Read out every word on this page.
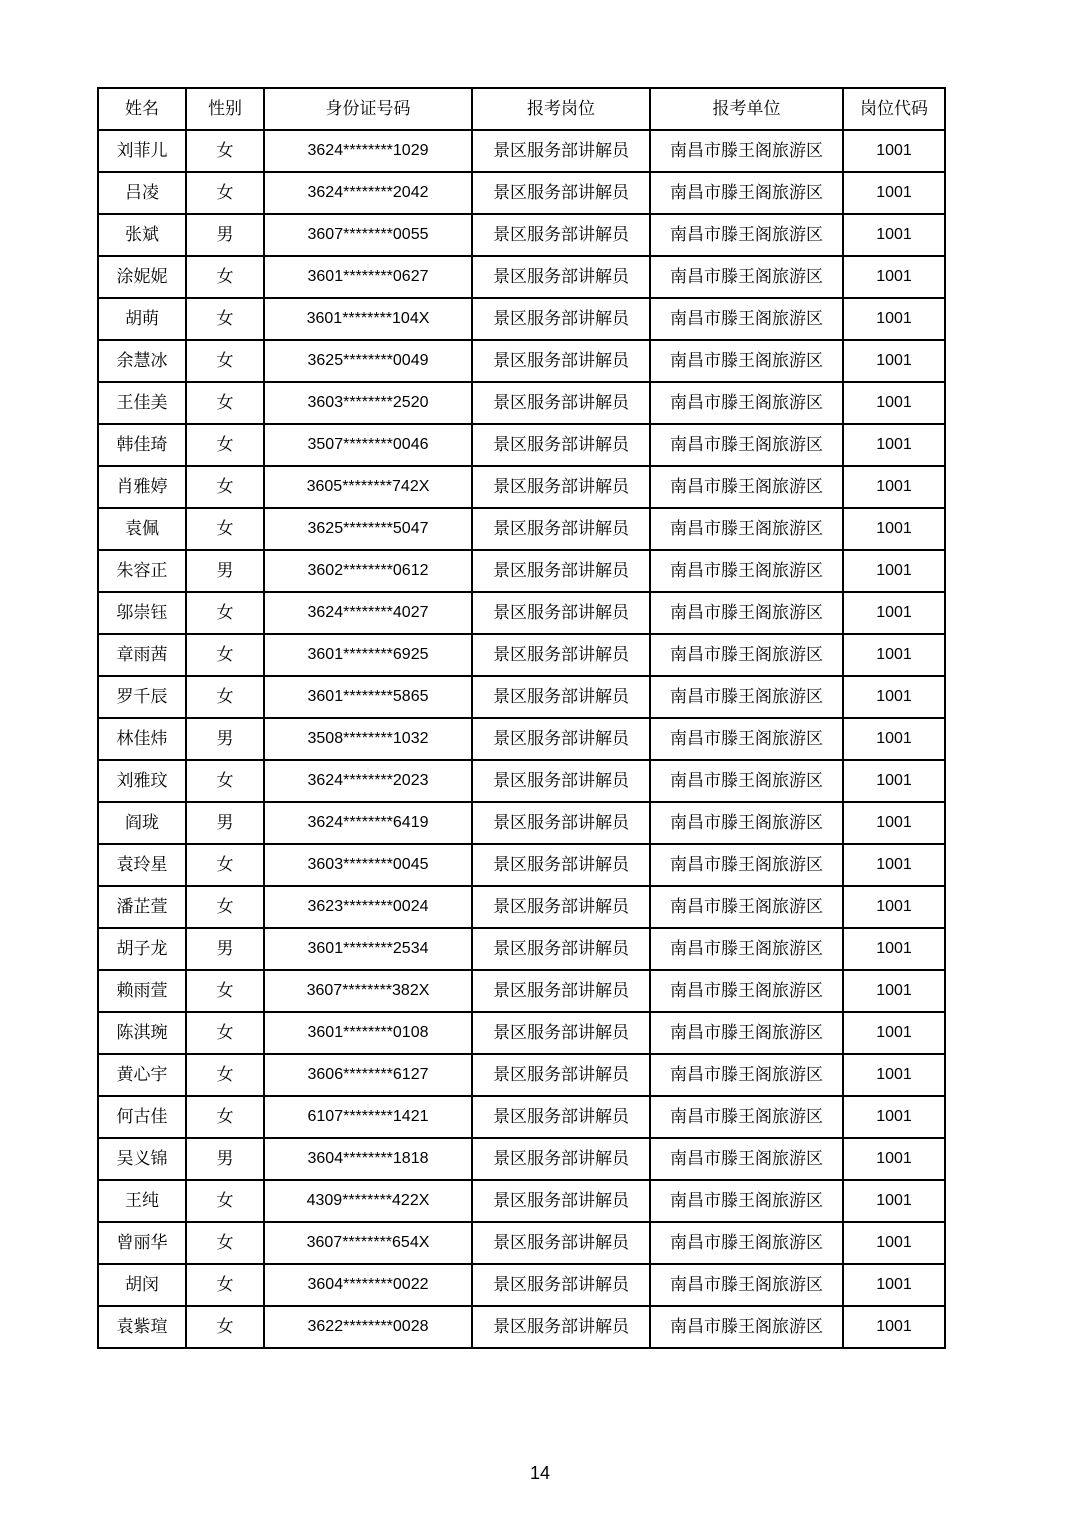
姓名	性别	身份证号码	报考岗位	报考单位	岗位代码
刘菲儿	女	3624********1029	景区服务部讲解员	南昌市滕王阁旅游区	1001
吕凌	女	3624********2042	景区服务部讲解员	南昌市滕王阁旅游区	1001
张斌	男	3607********0055	景区服务部讲解员	南昌市滕王阁旅游区	1001
涂妮妮	女	3601********0627	景区服务部讲解员	南昌市滕王阁旅游区	1001
胡萌	女	3601********104X	景区服务部讲解员	南昌市滕王阁旅游区	1001
余慧冰	女	3625********0049	景区服务部讲解员	南昌市滕王阁旅游区	1001
王佳美	女	3603********2520	景区服务部讲解员	南昌市滕王阁旅游区	1001
韩佳琦	女	3507********0046	景区服务部讲解员	南昌市滕王阁旅游区	1001
肖雅婷	女	3605********742X	景区服务部讲解员	南昌市滕王阁旅游区	1001
袁佩	女	3625********5047	景区服务部讲解员	南昌市滕王阁旅游区	1001
朱容正	男	3602********0612	景区服务部讲解员	南昌市滕王阁旅游区	1001
邬崇钰	女	3624********4027	景区服务部讲解员	南昌市滕王阁旅游区	1001
章雨茜	女	3601********6925	景区服务部讲解员	南昌市滕王阁旅游区	1001
罗千辰	女	3601********5865	景区服务部讲解员	南昌市滕王阁旅游区	1001
林佳炜	男	3508********1032	景区服务部讲解员	南昌市滕王阁旅游区	1001
刘雅玟	女	3624********2023	景区服务部讲解员	南昌市滕王阁旅游区	1001
阎珑	男	3624********6419	景区服务部讲解员	南昌市滕王阁旅游区	1001
袁玲星	女	3603********0045	景区服务部讲解员	南昌市滕王阁旅游区	1001
潘芷萱	女	3623********0024	景区服务部讲解员	南昌市滕王阁旅游区	1001
胡子龙	男	3601********2534	景区服务部讲解员	南昌市滕王阁旅游区	1001
赖雨萱	女	3607********382X	景区服务部讲解员	南昌市滕王阁旅游区	1001
陈淇琬	女	3601********0108	景区服务部讲解员	南昌市滕王阁旅游区	1001
黄心宇	女	3606********6127	景区服务部讲解员	南昌市滕王阁旅游区	1001
何古佳	女	6107********1421	景区服务部讲解员	南昌市滕王阁旅游区	1001
吴义锦	男	3604********1818	景区服务部讲解员	南昌市滕王阁旅游区	1001
王纯	女	4309********422X	景区服务部讲解员	南昌市滕王阁旅游区	1001
曾丽华	女	3607********654X	景区服务部讲解员	南昌市滕王阁旅游区	1001
胡闵	女	3604********0022	景区服务部讲解员	南昌市滕王阁旅游区	1001
袁紫瑄	女	3622********0028	景区服务部讲解员	南昌市滕王阁旅游区	1001
14
